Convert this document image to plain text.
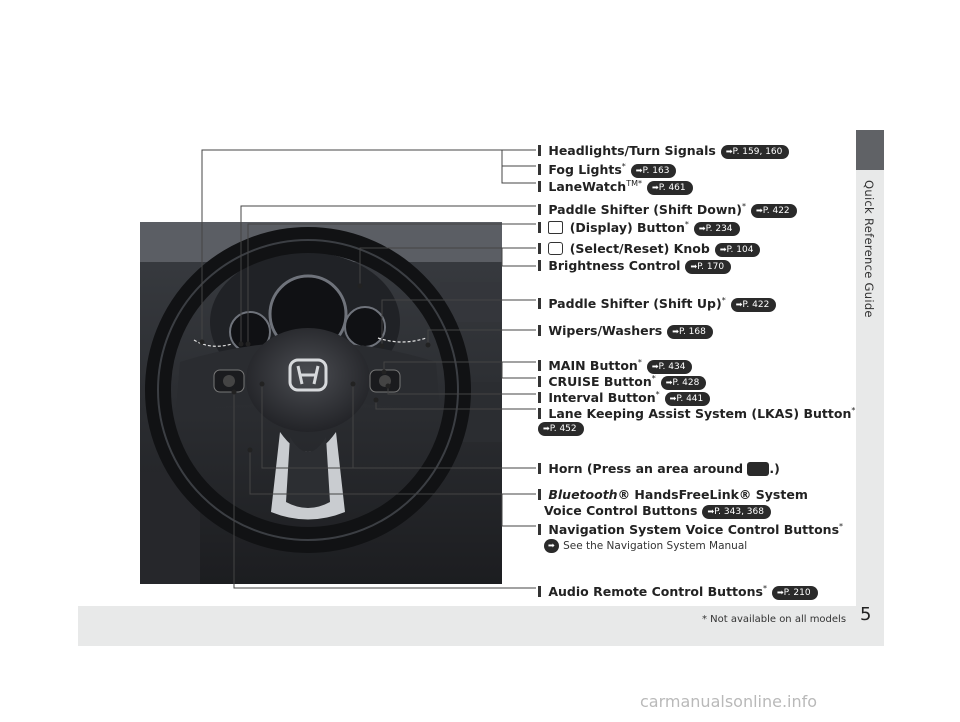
Quick Reference Guide
5
* Not available on all models
carmanualsonline.info
Headlights/Turn Signals ➡ P. 159, 160
Fog Lights* ➡ P. 163
LaneWatch$^{TM*}$ ➡ P. 461
Paddle Shifter (Shift Down)* ➡ P. 422
(Display) Button* ➡ P. 234
(Select/Reset) Knob ➡ P. 104
Brightness Control ➡ P. 170
Paddle Shifter (Shift Up)* ➡ P. 422
Wipers/Washers ➡ P. 168
MAIN Button* ➡ P. 434
CRUISE Button* ➡ P. 428
Interval Button* ➡ P. 441
Lane Keeping Assist System (LKAS) Button*
➡ P. 452
Horn (Press an area around .)
Bluetooth® HandsFreeLink® System
Voice Control Buttons ➡ P. 343, 368
Navigation System Voice Control Buttons*
➡ See the Navigation System Manual
Audio Remote Control Buttons* ➡ P. 210
